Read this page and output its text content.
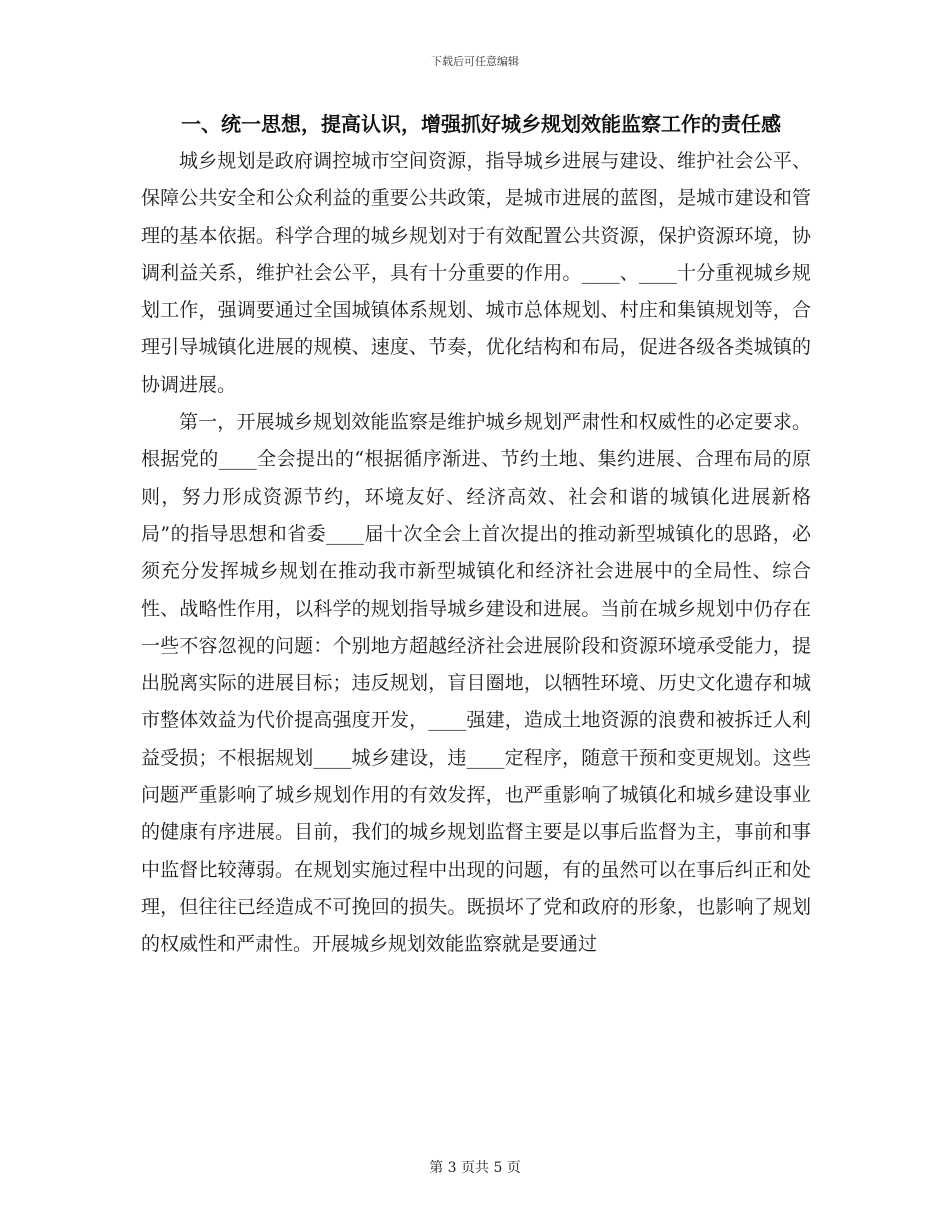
下载后可任意编辑

一、统一思想，提高认识，增强抓好城乡规划效能监察工作的责任感

城乡规划是政府调控城市空间资源，指导城乡进展与建设、维护社会公平、保障公共安全和公众利益的重要公共政策，是城市进展的蓝图，是城市建设和管理的基本依据。科学合理的城乡规划对于有效配置公共资源，保护资源环境，协调利益关系，维护社会公平，具有十分重要的作用。____、____十分重视城乡规划工作，强调要通过全国城镇体系规划、城市总体规划、村庄和集镇规划等，合理引导城镇化进展的规模、速度、节奏，优化结构和布局，促进各级各类城镇的协调进展。

第一，开展城乡规划效能监察是维护城乡规划严肃性和权威性的必定要求。根据党的____全会提出的“根据循序渐进、节约土地、集约进展、合理布局的原则，努力形成资源节约，环境友好、经济高效、社会和谐的城镇化进展新格局”的指导思想和省委____届十次全会上首次提出的推动新型城镇化的思路，必须充分发挥城乡规划在推动我市新型城镇化和经济社会进展中的全局性、综合性、战略性作用，以科学的规划指导城乡建设和进展。当前在城乡规划中仍存在一些不容忽视的问题：个别地方超越经济社会进展阶段和资源环境承受能力，提出脱离实际的进展目标；违反规划，盲目圈地，以牺牲环境、历史文化遗存和城市整体效益为代价提高强度开发，____强建，造成土地资源的浪费和被拆迁人利益受损；不根据规划____城乡建设，违____定程序，随意干预和变更规划。这些问题严重影响了城乡规划作用的有效发挥，也严重影响了城镇化和城乡建设事业的健康有序进展。目前，我们的城乡规划监督主要是以事后监督为主，事前和事中监督比较薄弱。在规划实施过程中出现的问题，有的虽然可以在事后纠正和处理，但往往已经造成不可挽回的损失。既损坏了党和政府的形象，也影响了规划的权威性和严肃性。开展城乡规划效能监察就是要通过

第 3 页共 5 页
